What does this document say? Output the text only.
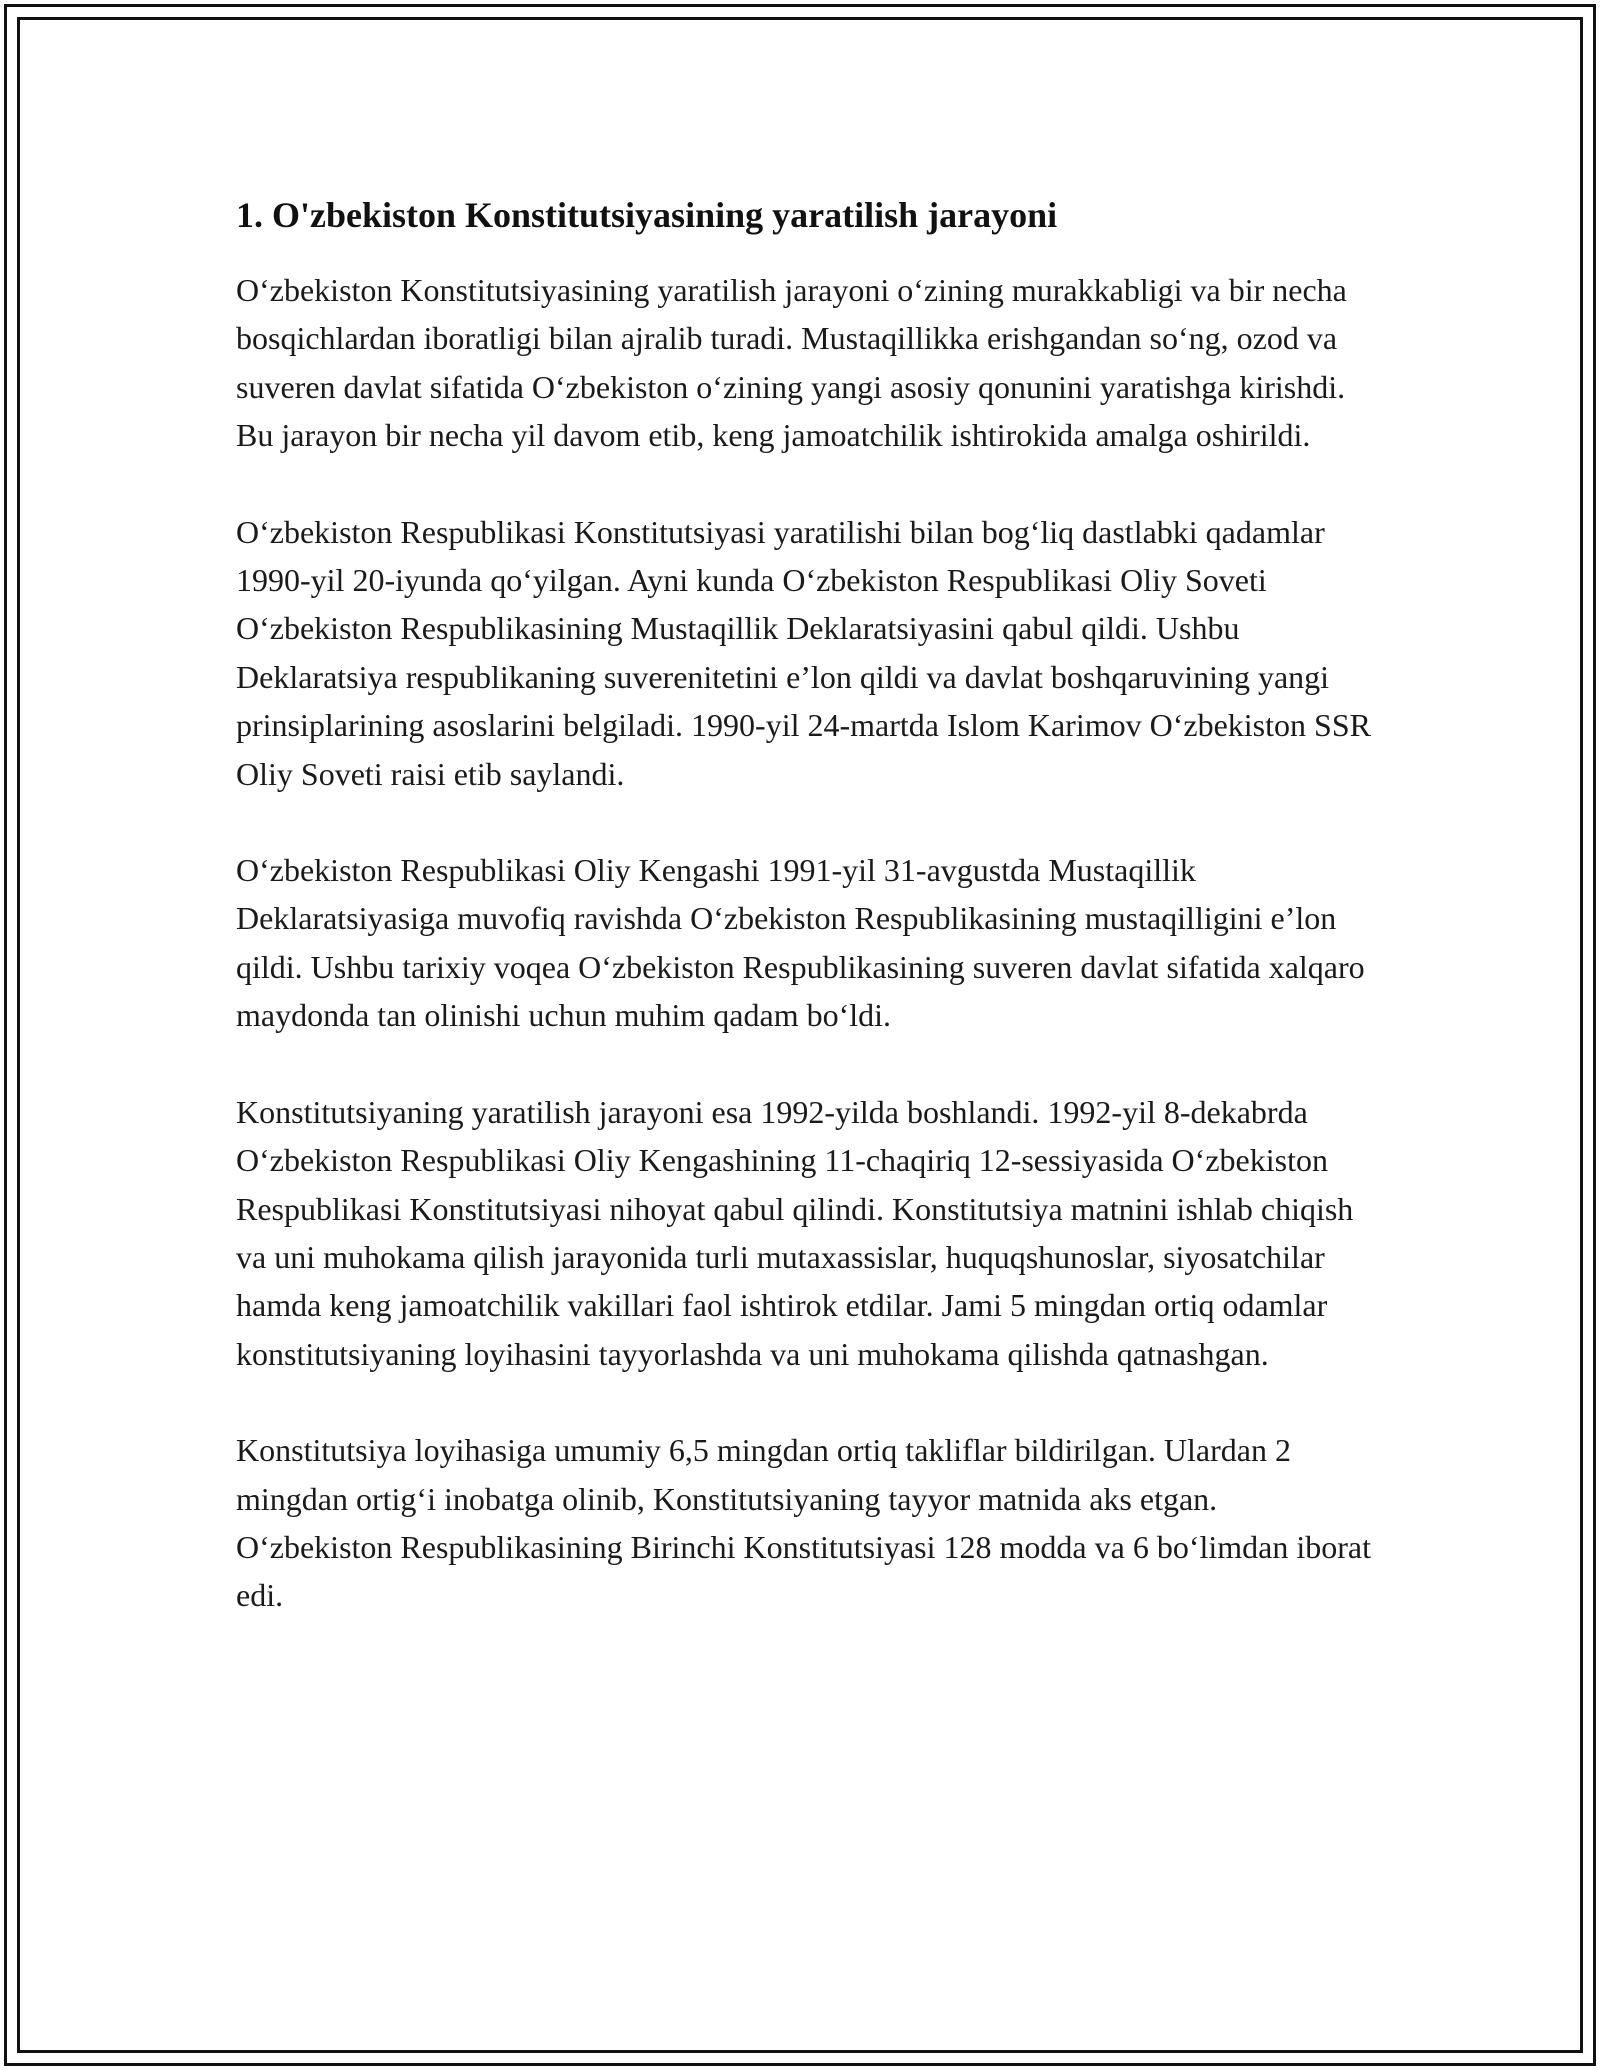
1. O'zbekiston Konstitutsiyasining yaratilish jarayoni

O‘zbekiston Konstitutsiyasining yaratilish jarayoni o‘zining murakkabligi va bir necha bosqichlardan iboratligi bilan ajralib turadi. Mustaqillikka erishgandan so‘ng, ozod va suveren davlat sifatida O‘zbekiston o‘zining yangi asosiy qonunini yaratishga kirishdi. Bu jarayon bir necha yil davom etib, keng jamoatchilik ishtirokida amalga oshirildi.

O‘zbekiston Respublikasi Konstitutsiyasi yaratilishi bilan bog‘liq dastlabki qadamlar 1990-yil 20-iyunda qo‘yilgan. Ayni kunda O‘zbekiston Respublikasi Oliy Soveti O‘zbekiston Respublikasining Mustaqillik Deklaratsiyasini qabul qildi. Ushbu Deklaratsiya respublikaning suverenitetini e’lon qildi va davlat boshqaruvining yangi prinsiplarining asoslarini belgiladi. 1990-yil 24-martda Islom Karimov O‘zbekiston SSR Oliy Soveti raisi etib saylandi.

O‘zbekiston Respublikasi Oliy Kengashi 1991-yil 31-avgustda Mustaqillik Deklaratsiyasiga muvofiq ravishda O‘zbekiston Respublikasining mustaqilligini e’lon qildi. Ushbu tarixiy voqea O‘zbekiston Respublikasining suveren davlat sifatida xalqaro maydonda tan olinishi uchun muhim qadam bo‘ldi.

Konstitutsiyaning yaratilish jarayoni esa 1992-yilda boshlandi. 1992-yil 8-dekabrda O‘zbekiston Respublikasi Oliy Kengashining 11-chaqiriq 12-sessiyasida O‘zbekiston Respublikasi Konstitutsiyasi nihoyat qabul qilindi. Konstitutsiya matnini ishlab chiqish va uni muhokama qilish jarayonida turli mutaxassislar, huquqshunoslar, siyosatchilar hamda keng jamoatchilik vakillari faol ishtirok etdilar. Jami 5 mingdan ortiq odamlar konstitutsiyaning loyihasini tayyorlashda va uni muhokama qilishda qatnashgan.

Konstitutsiya loyihasiga umumiy 6,5 mingdan ortiq takliflar bildirilgan. Ulardan 2 mingdan ortig‘i inobatga olinib, Konstitutsiyaning tayyor matnida aks etgan. O‘zbekiston Respublikasining Birinchi Konstitutsiyasi 128 modda va 6 bo‘limdan iborat edi.
